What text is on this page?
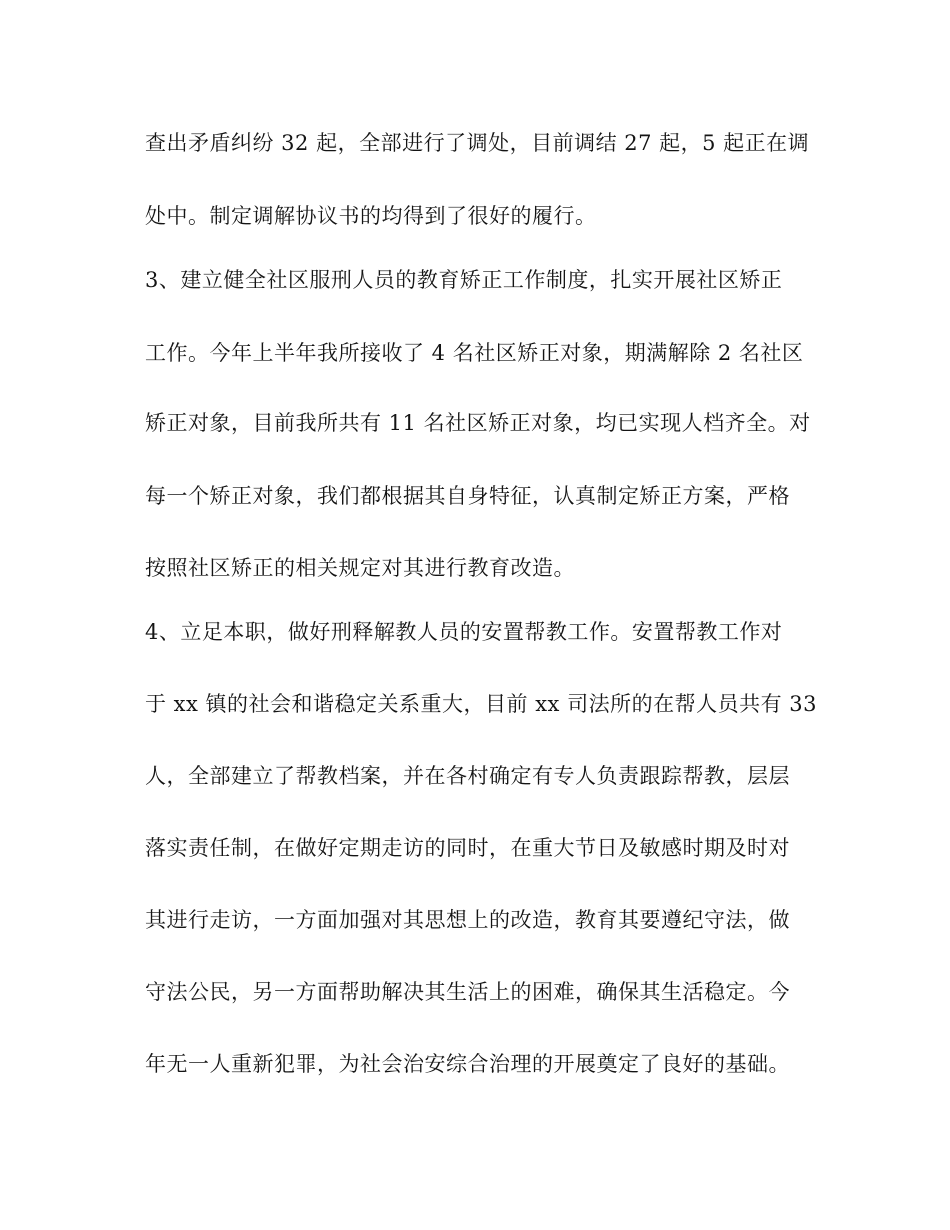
查出矛盾纠纷 32 起，全部进行了调处，目前调结 27 起，5 起正在调
处中。制定调解协议书的均得到了很好的履行。
3、建立健全社区服刑人员的教育矫正工作制度，扎实开展社区矫正
工作。今年上半年我所接收了 4 名社区矫正对象，期满解除 2 名社区
矫正对象，目前我所共有 11 名社区矫正对象，均已实现人档齐全。对
每一个矫正对象，我们都根据其自身特征，认真制定矫正方案，严格
按照社区矫正的相关规定对其进行教育改造。
4、立足本职，做好刑释解教人员的安置帮教工作。安置帮教工作对
于 xx 镇的社会和谐稳定关系重大，目前 xx 司法所的在帮人员共有 33
人，全部建立了帮教档案，并在各村确定有专人负责跟踪帮教，层层
落实责任制，在做好定期走访的同时，在重大节日及敏感时期及时对
其进行走访，一方面加强对其思想上的改造，教育其要遵纪守法，做
守法公民，另一方面帮助解决其生活上的困难，确保其生活稳定。今
年无一人重新犯罪，为社会治安综合治理的开展奠定了良好的基础。
